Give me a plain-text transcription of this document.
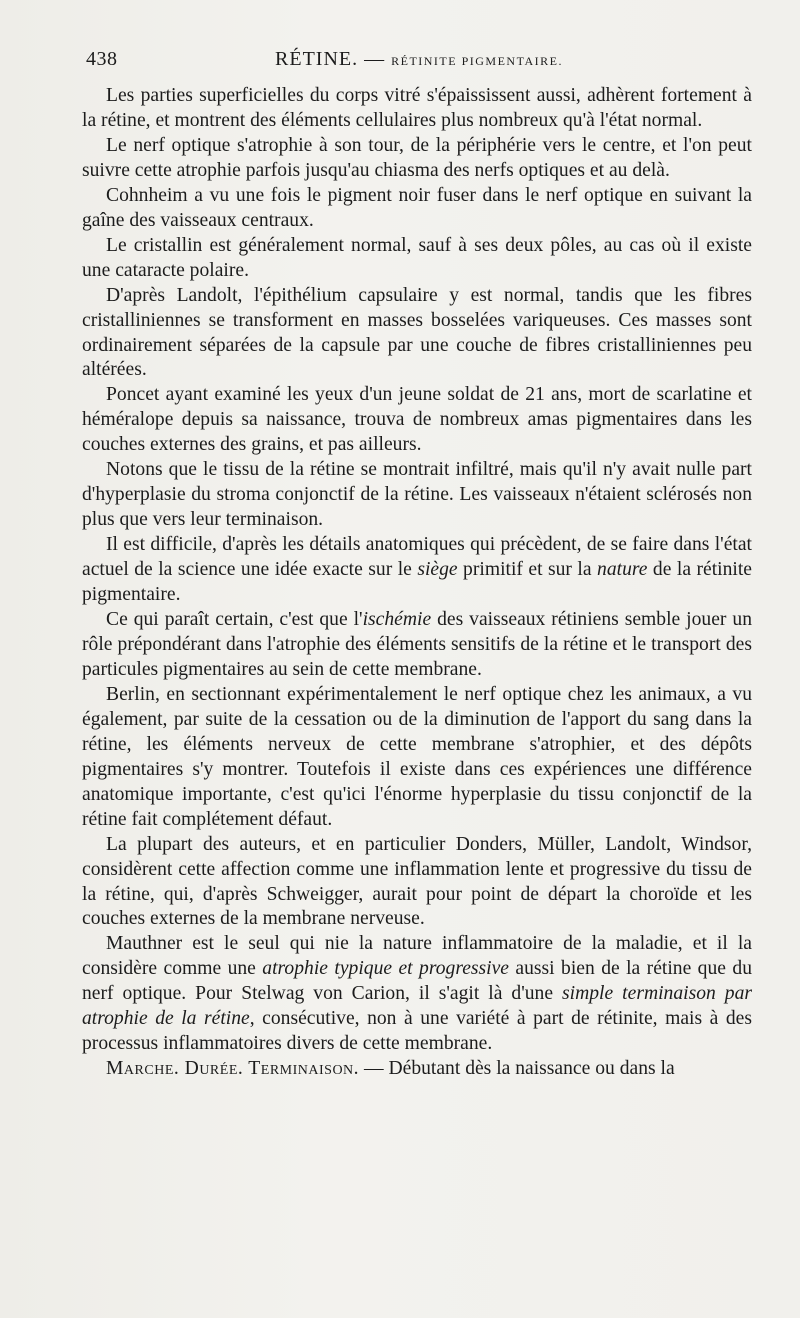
438	RÉTINE. — RÉTINITE PIGMENTAIRE.

Les parties superficielles du corps vitré s'épaississent aussi, adhèrent fortement à la rétine, et montrent des éléments cellulaires plus nombreux qu'à l'état normal.

Le nerf optique s'atrophie à son tour, de la périphérie vers le centre, et l'on peut suivre cette atrophie parfois jusqu'au chiasma des nerfs optiques et au delà.

Cohnheim a vu une fois le pigment noir fuser dans le nerf optique en suivant la gaîne des vaisseaux centraux.

Le cristallin est généralement normal, sauf à ses deux pôles, au cas où il existe une cataracte polaire.

D'après Landolt, l'épithélium capsulaire y est normal, tandis que les fibres cristalliniennes se transforment en masses bosselées variqueuses. Ces masses sont ordinairement séparées de la capsule par une couche de fibres cristalliniennes peu altérées.

Poncet ayant examiné les yeux d'un jeune soldat de 21 ans, mort de scarlatine et héméralope depuis sa naissance, trouva de nombreux amas pigmentaires dans les couches externes des grains, et pas ailleurs.

Notons que le tissu de la rétine se montrait infiltré, mais qu'il n'y avait nulle part d'hyperplasie du stroma conjonctif de la rétine. Les vaisseaux n'étaient sclérosés non plus que vers leur terminaison.

Il est difficile, d'après les détails anatomiques qui précèdent, de se faire dans l'état actuel de la science une idée exacte sur le siège primitif et sur la nature de la rétinite pigmentaire.

Ce qui paraît certain, c'est que l'ischémie des vaisseaux rétiniens semble jouer un rôle prépondérant dans l'atrophie des éléments sensitifs de la rétine et le transport des particules pigmentaires au sein de cette membrane.

Berlin, en sectionnant expérimentalement le nerf optique chez les animaux, a vu également, par suite de la cessation ou de la diminution de l'apport du sang dans la rétine, les éléments nerveux de cette membrane s'atrophier, et des dépôts pigmentaires s'y montrer. Toutefois il existe dans ces expériences une différence anatomique importante, c'est qu'ici l'énorme hyperplasie du tissu conjonctif de la rétine fait complétement défaut.

La plupart des auteurs, et en particulier Donders, Müller, Landolt, Windsor, considèrent cette affection comme une inflammation lente et progressive du tissu de la rétine, qui, d'après Schweigger, aurait pour point de départ la choroïde et les couches externes de la membrane nerveuse.

Mauthner est le seul qui nie la nature inflammatoire de la maladie, et il la considère comme une atrophie typique et progressive aussi bien de la rétine que du nerf optique. Pour Stelwag von Carion, il s'agit là d'une simple terminaison par atrophie de la rétine, consécutive, non à une variété à part de rétinite, mais à des processus inflammatoires divers de cette membrane.

Marche. Durée. Terminaison. — Débutant dès la naissance ou dans la
